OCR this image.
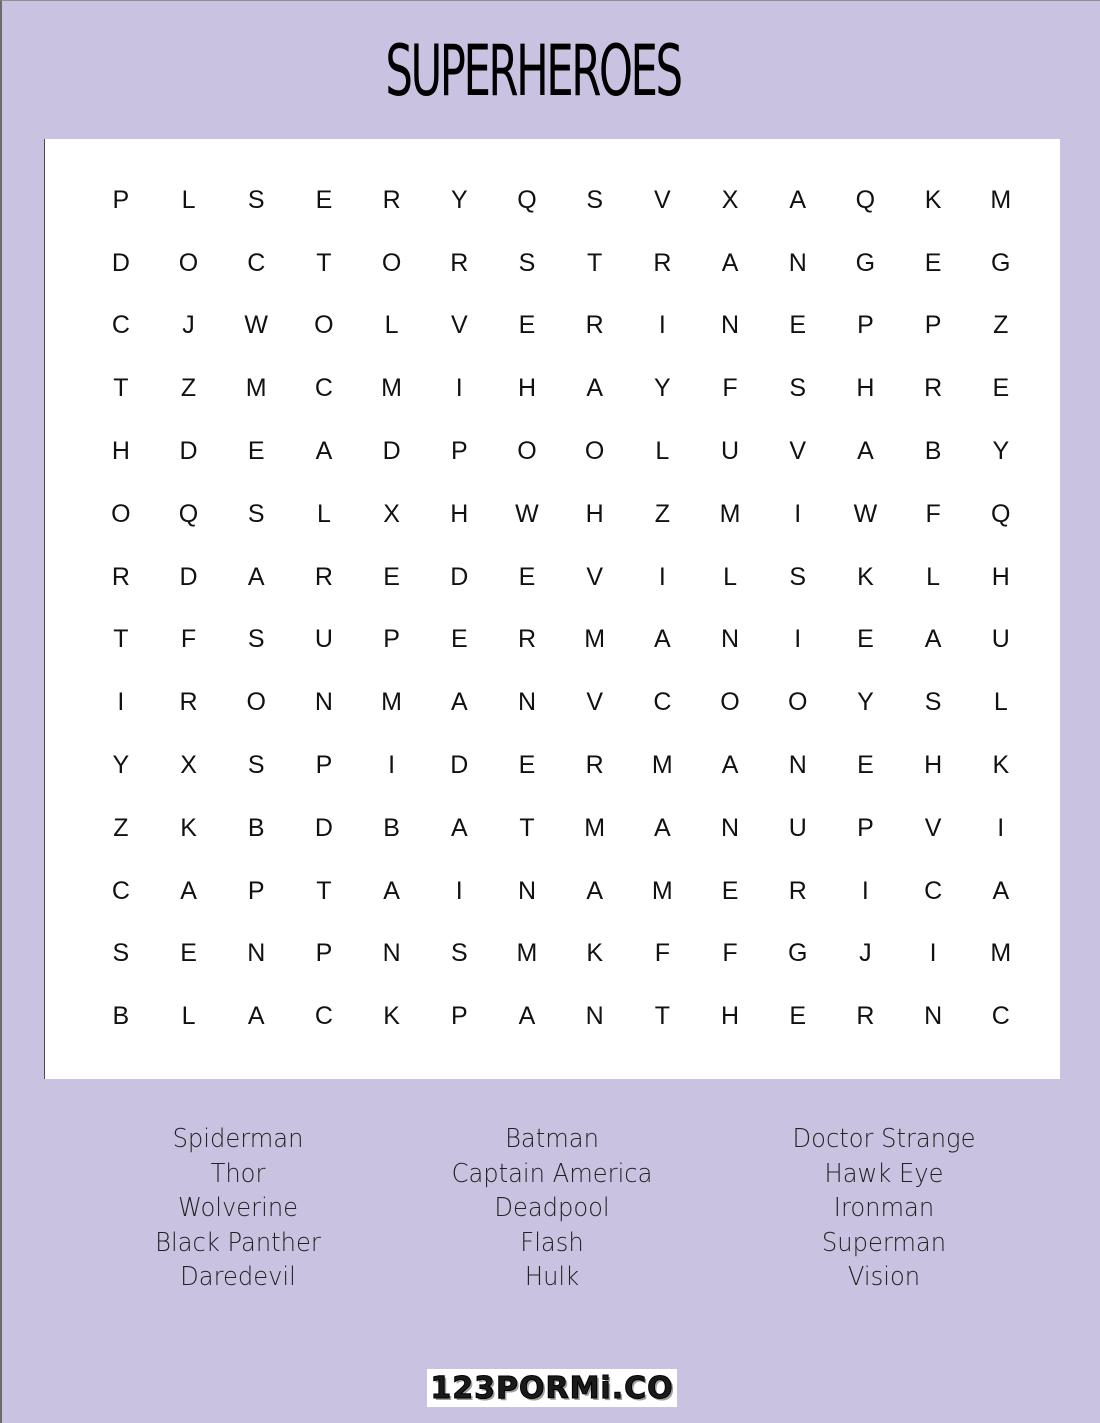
SUPERHEROES
P	L	S	E	R	Y	Q	S	V	X	A	Q	K	M
D	O	C	T	O	R	S	T	R	A	N	G	E	G
C	J	W	O	L	V	E	R	I	N	E	P	P	Z
T	Z	M	C	M	I	H	A	Y	F	S	H	R	E
H	D	E	A	D	P	O	O	L	U	V	A	B	Y
O	Q	S	L	X	H	W	H	Z	M	I	W	F	Q
R	D	A	R	E	D	E	V	I	L	S	K	L	H
T	F	S	U	P	E	R	M	A	N	I	E	A	U
I	R	O	N	M	A	N	V	C	O	O	Y	S	L
Y	X	S	P	I	D	E	R	M	A	N	E	H	K
Z	K	B	D	B	A	T	M	A	N	U	P	V	I
C	A	P	T	A	I	N	A	M	E	R	I	C	A
S	E	N	P	N	S	M	K	F	F	G	J	I	M
B	L	A	C	K	P	A	N	T	H	E	R	N	C
Spiderman
Thor
Wolverine
Black Panther
Daredevil
Batman
Captain America
Deadpool
Flash
Hulk
Doctor Strange
Hawk Eye
Ironman
Superman
Vision
123PORMi.CO
